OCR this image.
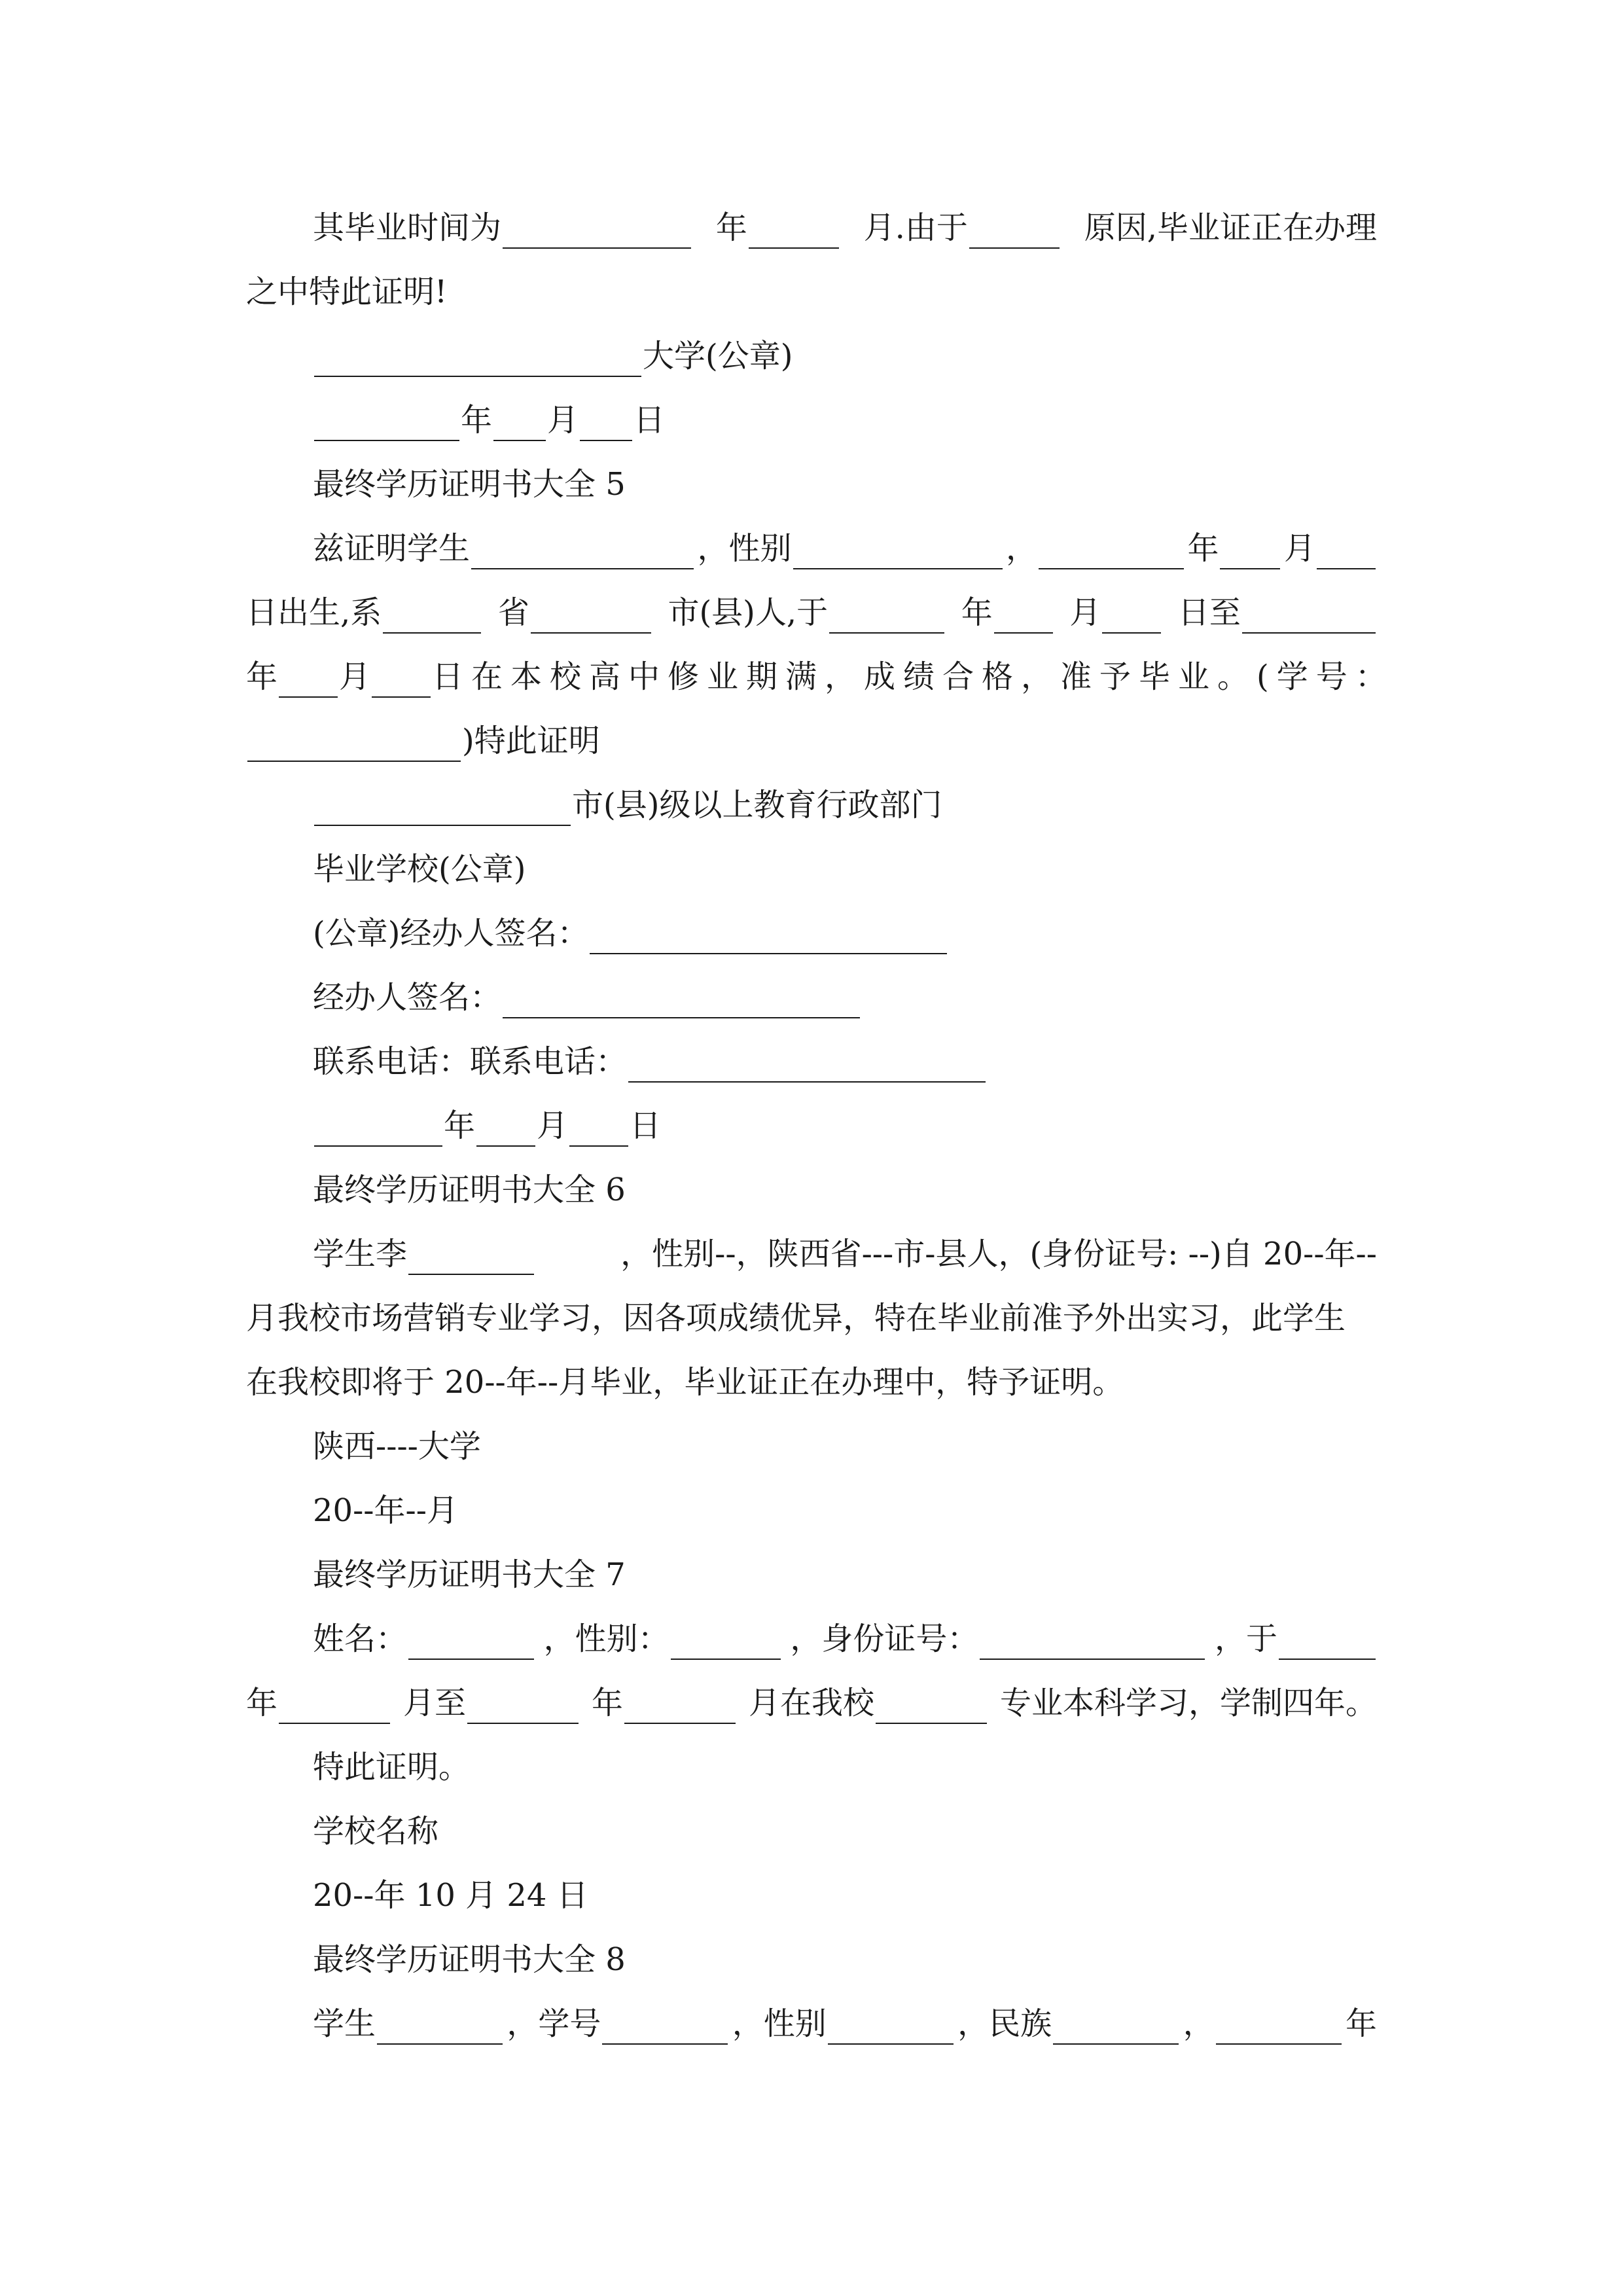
其毕业时间为	年	月.由于	原因,毕业证正在办理
之中特此证明!
大学(公章)
年 月 日
最终学历证明书大全 5
兹证明学生	，性别	，	年 月
日出生,系	省	市(县)人,于	年 月 日至
年 月 日在本校高中修业期满，成绩合格，准予毕业。(学号：
)特此证明
市(县)级以上教育行政部门
毕业学校(公章)
(公章)经办人签名：
经办人签名：
联系电话：联系电话：
年 月 日
最终学历证明书大全 6
学生李	，性别--，陕西省---市-县人，(身份证号: --)自 20--年--
月我校市场营销专业学习，因各项成绩优异，特在毕业前准予外出实习，此学生
在我校即将于 20--年--月毕业，毕业证正在办理中，特予证明。
陕西----大学
20--年--月
最终学历证明书大全 7
姓名：	，性别：	，身份证号：	，于
年	月至	年	月在我校	专业本科学习，学制四年。
特此证明。
学校名称
20--年 10 月 24 日
最终学历证明书大全 8
学生	，学号	，性别	，民族	，	年
